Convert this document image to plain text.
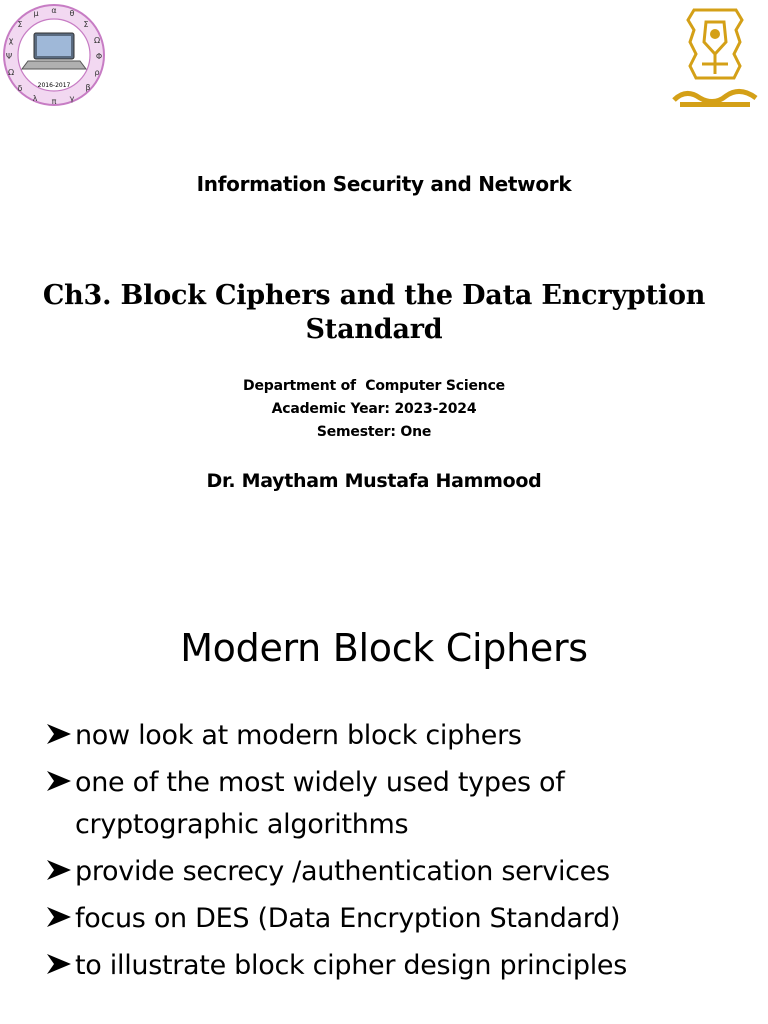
α θ
Σ
Ω
Φ
ρ
β
γ
π
λ
δ
Ω
Ψ
χ
Σ
μ
2016-2017
Information Security and Network
Ch3. Block Ciphers and the Data Encryption Standard
Department of  Computer Science
Academic Year: 2023-2024
Semester: One
Dr. Maytham Mustafa Hammood
Modern Block Ciphers
now look at modern block ciphers
one of the most widely used types of cryptographic algorithms
provide secrecy /authentication services
focus on DES (Data Encryption Standard)
to illustrate block cipher design principles
